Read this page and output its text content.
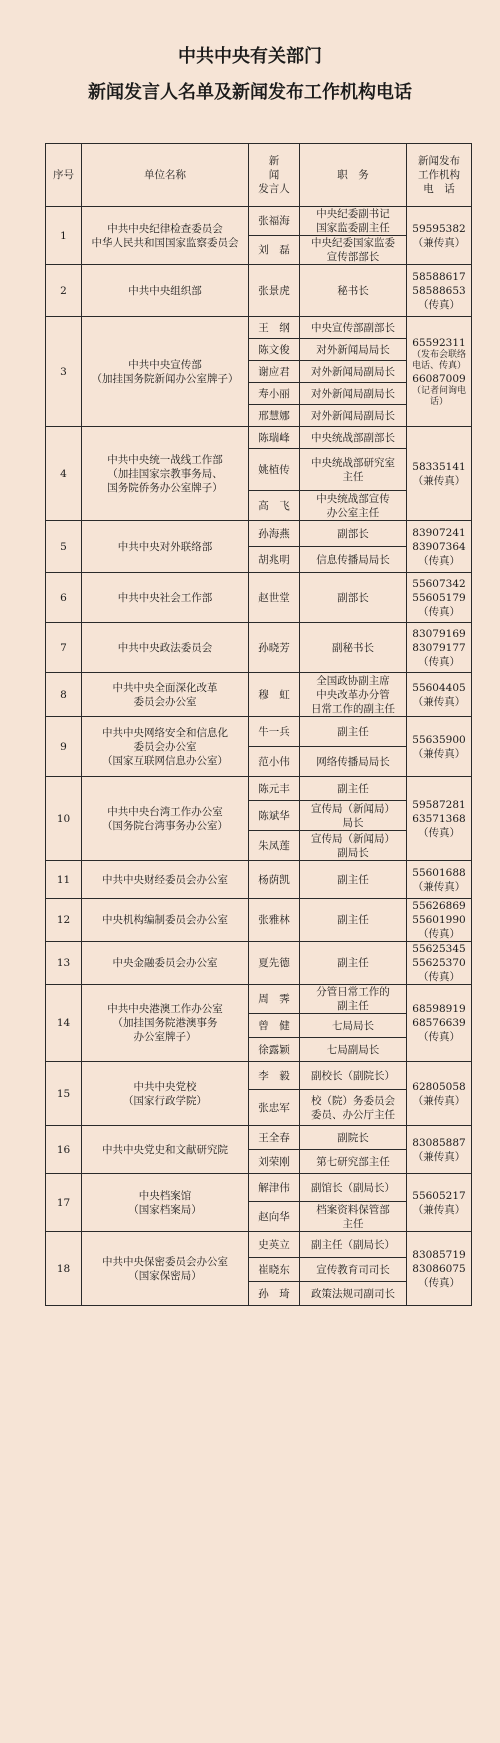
中共中央有关部门
新闻发言人名单及新闻发布工作机构电话
序号	单位名称	新
闻
发言人	职　务	新闻发布
工作机构
电　话

1	中共中央纪律检查委员会
中华人民共和国国家监察委员会	张福海	中央纪委副书记
国家监委副主任	59595382
（兼传真）

		刘　磊	中央纪委国家监委
宣传部部长	

2	中共中央组织部	张景虎	秘书长	58588617
58588653
（传真）

3	中共中央宣传部
（加挂国务院新闻办公室牌子）	王　纲	中央宣传部副部长	65592311
（发布会联络电话、传真）
66087009
（记者问询电话）

		陈文俊	对外新闻局局长	

		谢应君	对外新闻局副局长	

		寿小丽	对外新闻局副局长	

		邢慧娜	对外新闻局副局长	

4	中共中央统一战线工作部
（加挂国家宗教事务局、
国务院侨务办公室牌子）	陈瑞峰	中央统战部副部长	58335141
（兼传真）

		姚植传	中央统战部研究室
主任	

		高　飞	中央统战部宣传
办公室主任	

5	中共中央对外联络部	孙海燕	副部长	83907241
83907364
（传真）

		胡兆明	信息传播局局长	

6	中共中央社会工作部	赵世堂	副部长	55607342
55605179
（传真）

7	中共中央政法委员会	孙晓芳	副秘书长	83079169
83079177
（传真）

8	中共中央全面深化改革
委员会办公室	穆　虹	全国政协副主席
中央改革办分管
日常工作的副主任	55604405
（兼传真）

9	中共中央网络安全和信息化
委员会办公室
（国家互联网信息办公室）	牛一兵	副主任	55635900
（兼传真）

		范小伟	网络传播局局长	

10	中共中央台湾工作办公室
（国务院台湾事务办公室）	陈元丰	副主任	59587281
63571368
（传真）

		陈斌华	宣传局（新闻局）
局长	

		朱凤莲	宣传局（新闻局）
副局长	

11	中共中央财经委员会办公室	杨荫凯	副主任	55601688
（兼传真）

12	中央机构编制委员会办公室	张雅林	副主任	55626869
55601990
（传真）

13	中央金融委员会办公室	夏先德	副主任	55625345
55625370
（传真）

14	中共中央港澳工作办公室
（加挂国务院港澳事务
办公室牌子）	周　霁	分管日常工作的
副主任	68598919
68576639
（传真）

		曾　健	七局局长	

		徐露颖	七局副局长	

15	中共中央党校
（国家行政学院）	李　毅	副校长（副院长）	62805058
（兼传真）

		张忠军	校（院）务委员会
委员、办公厅主任	

16	中共中央党史和文献研究院	王全春	副院长	83085887
（兼传真）

		刘荣刚	第七研究部主任	

17	中央档案馆
（国家档案局）	解津伟	副馆长（副局长）	55605217
（兼传真）

		赵向华	档案资料保管部
主任	

18	中共中央保密委员会办公室
（国家保密局）	史英立	副主任（副局长）	83085719
83086075
（传真）

		崔晓东	宣传教育司司长	

		孙　琦	政策法规司副司长	
